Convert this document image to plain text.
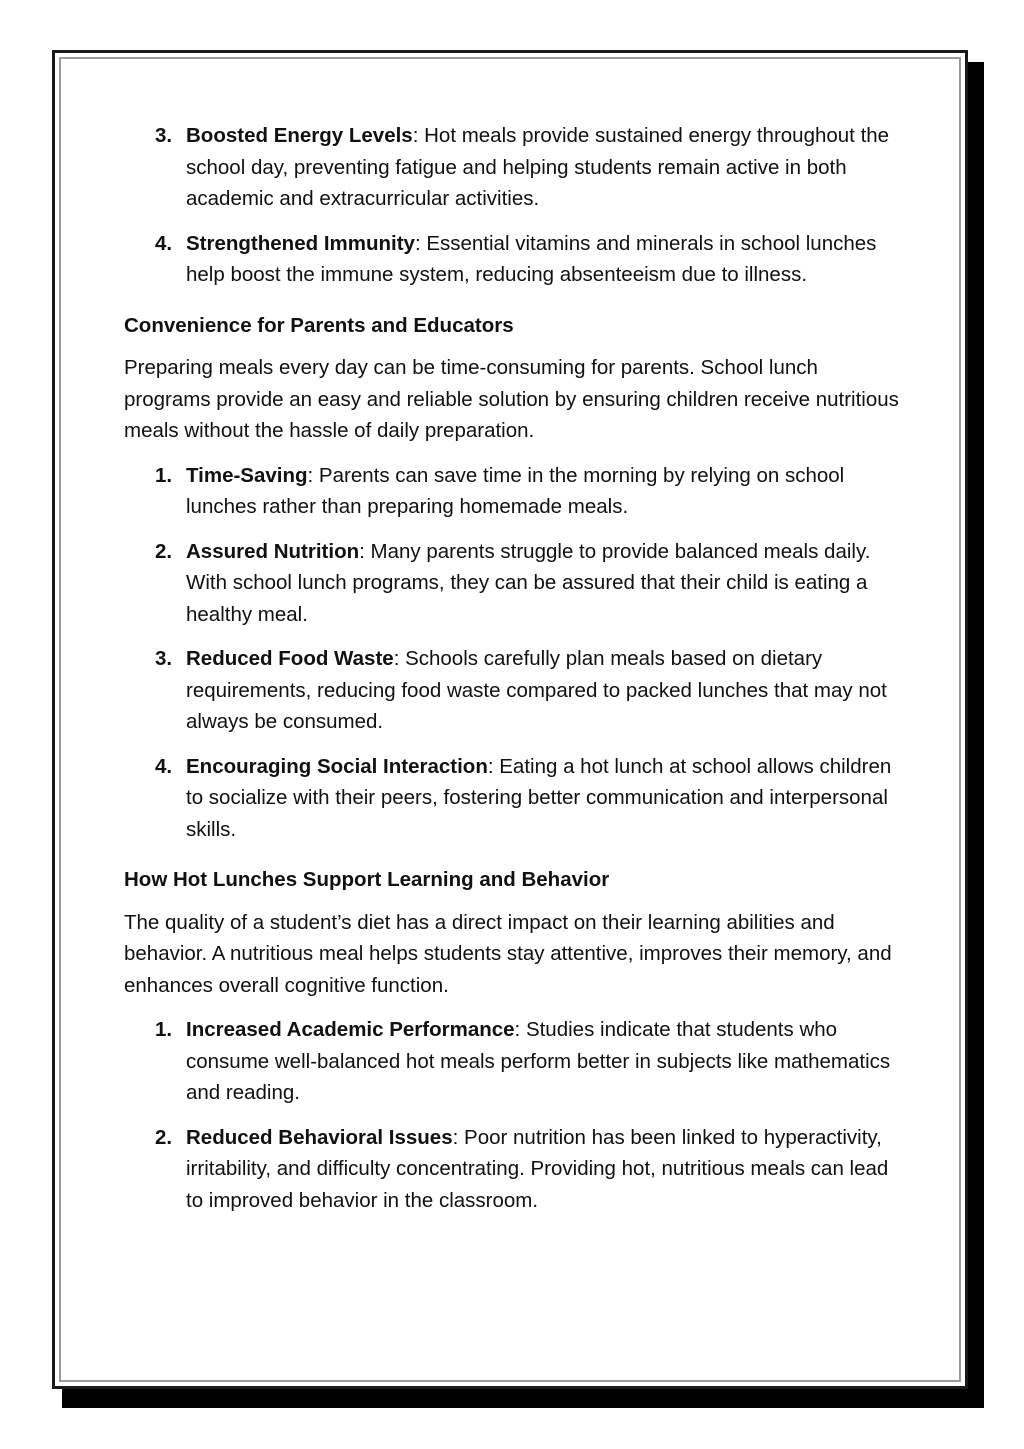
3. Boosted Energy Levels: Hot meals provide sustained energy throughout the school day, preventing fatigue and helping students remain active in both academic and extracurricular activities.
4. Strengthened Immunity: Essential vitamins and minerals in school lunches help boost the immune system, reducing absenteeism due to illness.
Convenience for Parents and Educators

Preparing meals every day can be time-consuming for parents. School lunch programs provide an easy and reliable solution by ensuring children receive nutritious meals without the hassle of daily preparation.

1. Time-Saving: Parents can save time in the morning by relying on school lunches rather than preparing homemade meals.
2. Assured Nutrition: Many parents struggle to provide balanced meals daily. With school lunch programs, they can be assured that their child is eating a healthy meal.
3. Reduced Food Waste: Schools carefully plan meals based on dietary requirements, reducing food waste compared to packed lunches that may not always be consumed.
4. Encouraging Social Interaction: Eating a hot lunch at school allows children to socialize with their peers, fostering better communication and interpersonal skills.
How Hot Lunches Support Learning and Behavior

The quality of a student’s diet has a direct impact on their learning abilities and behavior. A nutritious meal helps students stay attentive, improves their memory, and enhances overall cognitive function.

1. Increased Academic Performance: Studies indicate that students who consume well-balanced hot meals perform better in subjects like mathematics and reading.
2. Reduced Behavioral Issues: Poor nutrition has been linked to hyperactivity, irritability, and difficulty concentrating. Providing hot, nutritious meals can lead to improved behavior in the classroom.
